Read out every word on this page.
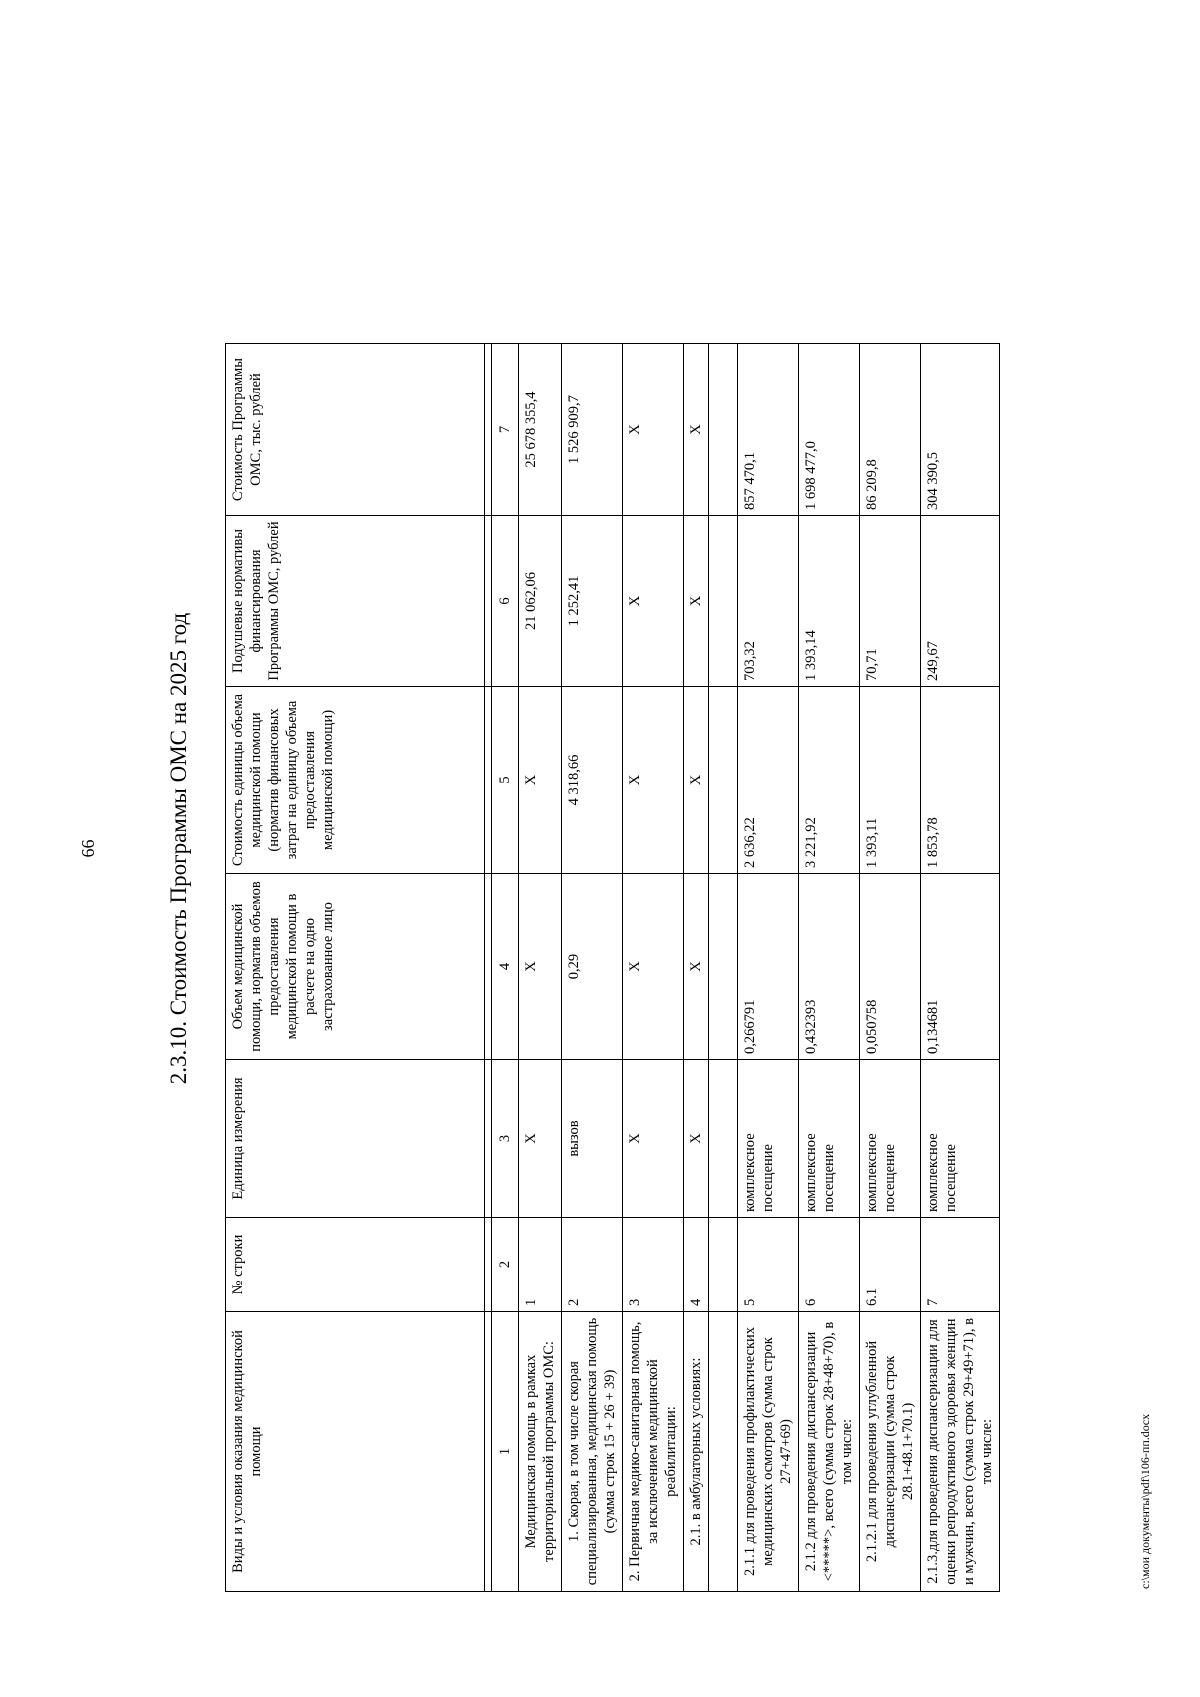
66	2.3.10. Стоимость Программы ОМС на 2025 год
Виды и условия оказания медицинской помощи	№ строки	Единица измерения	Объем медицинской помощи, норматив объемов предоставления медицинской помощи в расчете на одно застрахованное лицо	Стоимость единицы объема медицинской помощи (норматив финансовых затрат на единицу объема предоставления медицинской помощи)	Подушевые нормативы финансирования Программы ОМС, рублей	Стоимость Программы ОМС, тыс. рублей

1	2	3	4	5	6	7
Медицинская помощь в рамках территориальной программы ОМС:	1	X	X	X	21 062,06	25 678 355,4
1. Скорая, в том числе скорая специализированная, медицинская помощь (сумма строк 15 + 26 + 39)	2	вызов	0,29	4 318,66	1 252,41	1 526 909,7
2. Первичная медико-санитарная помощь, за исключением медицинской реабилитации:	3	X	X	X	X	X
2.1. в амбулаторных условиях:	4	X	X	X	X	X

2.1.1 для проведения профилактических медицинских осмотров (сумма строк 27+47+69)	5	комплексное посещение	0,266791	2 636,22	703,32	857 470,1
2.1.2 для проведения диспансеризации <*****>, всего (сумма строк 28+48+70), в том числе:	6	комплексное посещение	0,432393	3 221,92	1 393,14	1 698 477,0
2.1.2.1 для проведения углубленной диспансеризации (сумма строк 28.1+48.1+70.1)	6.1	комплексное посещение	0,050758	1 393,11	70,71	86 209,8
2.1.3.для проведения диспансеризации для оценки репродуктивного здоровья женщин и мужчин, всего (сумма строк 29+49+71), в том числе:	7	комплексное посещение	0,134681	1 853,78	249,67	304 390,5
c:\мои документы\pdf\106-пп.docx
